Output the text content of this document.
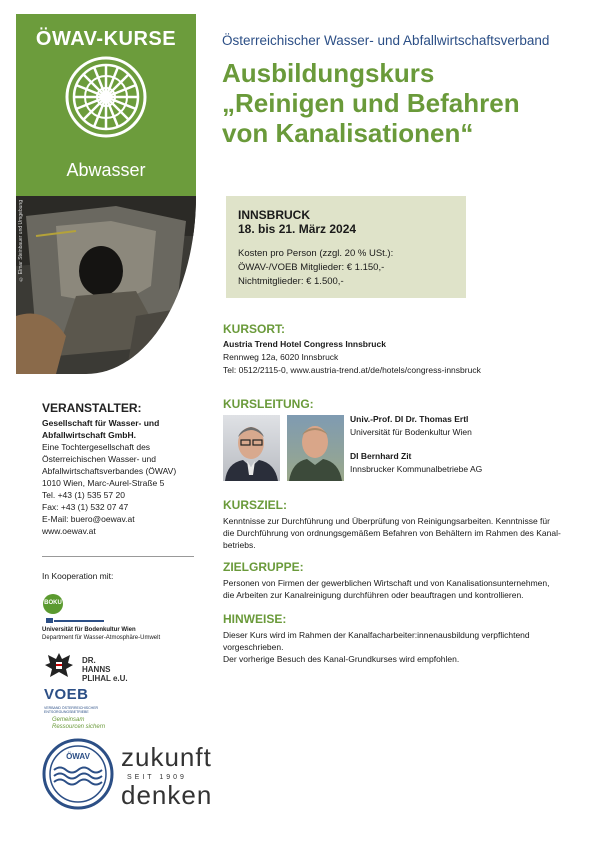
ÖWAV-KURSE
Abwasser
© Elmar Steinbauer und Umgebung
Österreichischer Wasser- und Abfallwirtschaftsverband
Ausbildungskurs
„Reinigen und Befahren
von Kanalisationen“
INNSBRUCK
18. bis 21. März 2024
Kosten pro Person (zzgl. 20 % USt.):
ÖWAV-/VOEB Mitglieder: € 1.150,-
Nichtmitglieder: € 1.500,-
KURSORT:
Austria Trend Hotel Congress Innsbruck
Rennweg 12a, 6020 Innsbruck
Tel: 0512/2115-0, www.austria-trend.at/de/hotels/congress-innsbruck
KURSLEITUNG:
Univ.-Prof. DI Dr. Thomas Ertl
Universität für Bodenkultur Wien
DI Bernhard Zit
Innsbrucker Kommunalbetriebe AG
KURSZIEL:
Kenntnisse zur Durchführung und Überprüfung von Reinigungsarbeiten. Kenntnisse für
die Durchführung von ordnungsgemäßem Befahren von Behältern im Rahmen des Kanal-
betriebs.
ZIELGRUPPE:
Personen von Firmen der gewerblichen Wirtschaft und von Kanalisationsunternehmen,
die Arbeiten zur Kanalreinigung durchführen oder beauftragen und kontrollieren.
HINWEISE:
Dieser Kurs wird im Rahmen der Kanalfacharbeiter:innenausbildung verpflichtend
vorgeschrieben.
Der vorherige Besuch des Kanal-Grundkurses wird empfohlen.
VERANSTALTER:
Gesellschaft für Wasser- und
Abfallwirtschaft GmbH.
Eine Tochtergesellschaft des
Österreichischen Wasser- und
Abfallwirtschaftsverbandes (ÖWAV)
1010 Wien, Marc-Aurel-Straße 5
Tel. +43 (1) 535 57 20
Fax: +43 (1) 532 07 47
E-Mail: buero@oewav.at
www.oewav.at
In Kooperation mit:
BOKU
Universität für Bodenkultur Wien
Department für Wasser-Atmosphäre-Umwelt
DR.
HANNS
PLIHAL e.U.
VOEB
VERBAND ÖSTERREICHISCHER ENTSORGUNGSBETRIEBE
Gemeinsam
Ressourcen sichern
ÖWAV zukunft
SEIT 1909
denken
